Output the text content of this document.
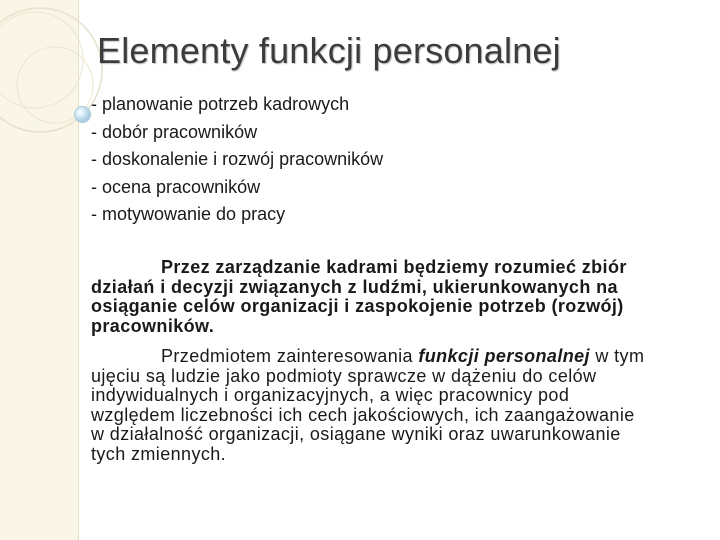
Elementy funkcji personalnej
- planowanie potrzeb kadrowych
- dobór pracowników
- doskonalenie i rozwój pracowników
- ocena pracowników
- motywowanie do pracy

Przez zarządzanie kadrami będziemy rozumieć zbiór
działań i decyzji związanych z ludźmi, ukierunkowanych na
osiąganie celów organizacji i zaspokojenie potrzeb (rozwój)
pracowników.

Przedmiotem zainteresowania funkcji personalnej w tym
ujęciu są ludzie jako podmioty sprawcze w dążeniu do celów
indywidualnych i organizacyjnych, a więc pracownicy pod
względem liczebności ich cech jakościowych, ich zaangażowanie
w działalność organizacji, osiągane wyniki oraz uwarunkowanie
tych zmiennych.
